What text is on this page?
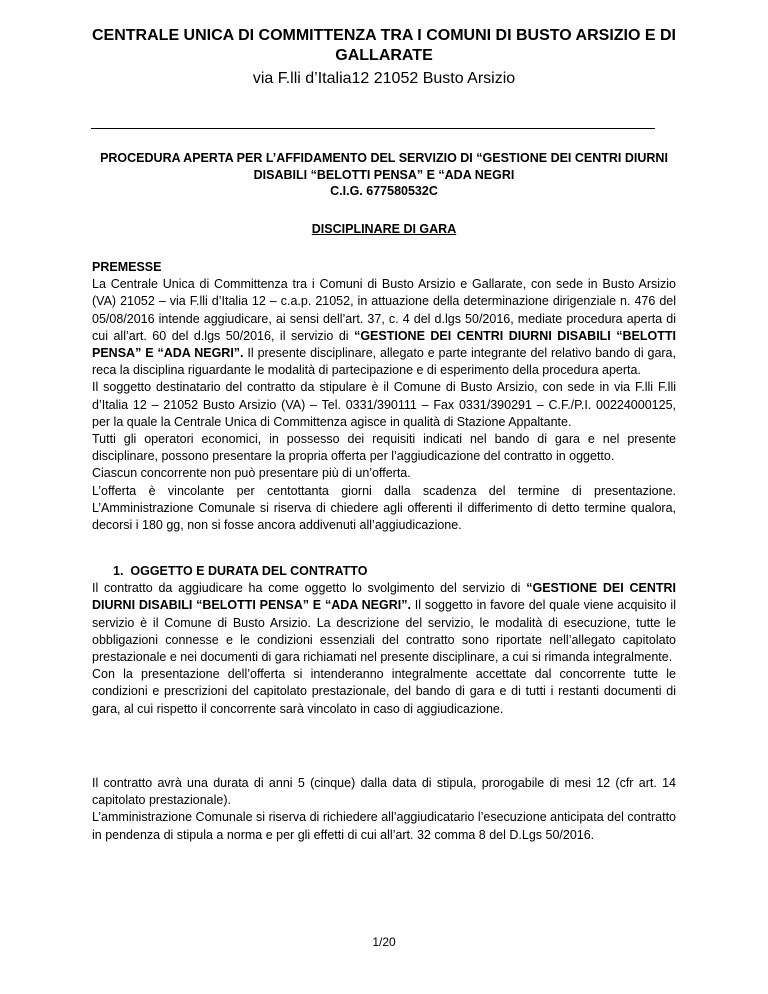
CENTRALE UNICA DI COMMITTENZA TRA I COMUNI DI BUSTO ARSIZIO E DI GALLARATE
via F.lli d’Italia12 21052 Busto Arsizio
PROCEDURA APERTA PER L’AFFIDAMENTO DEL SERVIZIO DI “GESTIONE DEI CENTRI DIURNI
DISABILI “BELOTTI PENSA” E “ADA NEGRI
C.I.G. 677580532C
DISCIPLINARE DI GARA

PREMESSE

La Centrale Unica di Committenza tra i Comuni di Busto Arsizio e Gallarate, con sede in Busto Arsizio (VA) 21052 – via F.lli d’Italia 12 – c.a.p. 21052, in attuazione della determinazione dirigenziale n. 476 del 05/08/2016 intende aggiudicare, ai sensi dell’art. 37, c. 4 del d.lgs 50/2016, mediate procedura aperta di cui all’art. 60 del d.lgs 50/2016, il servizio di “GESTIONE DEI CENTRI DIURNI DISABILI “BELOTTI PENSA” E “ADA NEGRI”. Il presente disciplinare, allegato e parte integrante del relativo bando di gara, reca la disciplina riguardante le modalità di partecipazione e di esperimento della procedura aperta.

Il soggetto destinatario del contratto da stipulare è il Comune di Busto Arsizio, con sede in via F.lli F.lli d’Italia 12 – 21052 Busto Arsizio (VA) – Tel. 0331/390111 – Fax 0331/390291 – C.F./P.I. 00224000125, per la quale la Centrale Unica di Committenza agisce in qualità di Stazione Appaltante.

Tutti gli operatori economici, in possesso dei requisiti indicati nel bando di gara e nel presente disciplinare, possono presentare la propria offerta per l’aggiudicazione del contratto in oggetto.

Ciascun concorrente non può presentare più di un’offerta.

L’offerta è vincolante per centottanta giorni dalla scadenza del termine di presentazione. L’Amministrazione Comunale si riserva di chiedere agli offerenti il differimento di detto termine qualora, decorsi i 180 gg, non si fosse ancora addivenuti all’aggiudicazione.

1. OGGETTO E DURATA DEL CONTRATTO

Il contratto da aggiudicare ha come oggetto lo svolgimento del servizio di “GESTIONE DEI CENTRI DIURNI DISABILI “BELOTTI PENSA” E “ADA NEGRI”. Il soggetto in favore del quale viene acquisito il servizio è il Comune di Busto Arsizio. La descrizione del servizio, le modalità di esecuzione, tutte le obbligazioni connesse e le condizioni essenziali del contratto sono riportate nell’allegato capitolato prestazionale e nei documenti di gara richiamati nel presente disciplinare, a cui si rimanda integralmente.

Con la presentazione dell’offerta si intenderanno integralmente accettate dal concorrente tutte le condizioni e prescrizioni del capitolato prestazionale, del bando di gara e di tutti i restanti documenti di gara, al cui rispetto il concorrente sarà vincolato in caso di aggiudicazione.

Il contratto avrà una durata di anni 5 (cinque) dalla data di stipula, prorogabile di mesi 12 (cfr art. 14 capitolato prestazionale).

L’amministrazione Comunale si riserva di richiedere all’aggiudicatario l’esecuzione anticipata del contratto in pendenza di stipula a norma e per gli effetti di cui all’art. 32 comma 8 del D.Lgs 50/2016.

1/20
